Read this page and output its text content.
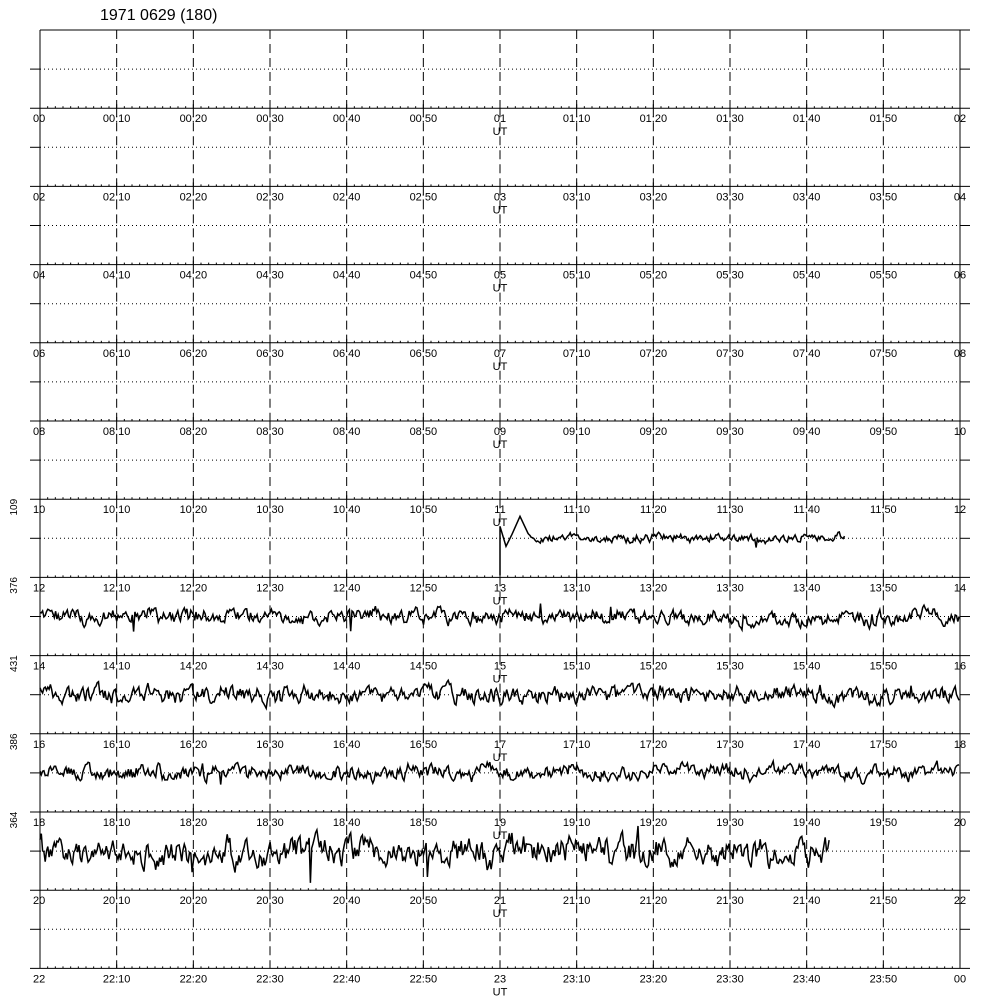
1971 0629 (180)
00	00:10	00:20	00:30	00:40	00:50	01	01:10	01:20	01:30	01:40	01:50	02
UT
02	02:10	02:20	02:30	02:40	02:50	03	03:10	03:20	03:30	03:40	03:50	04
UT
04	04:10	04:20	04:30	04:40	04:50	05	05:10	05:20	05:30	05:40	05:50	06
UT
06	06:10	06:20	06:30	06:40	06:50	07	07:10	07:20	07:30	07:40	07:50	08
UT
08	08:10	08:20	08:30	08:40	08:50	09	09:10	09:20	09:30	09:40	09:50	10
UT
10	10:10	10:20	10:30	10:40	10:50	11	11:10	11:20	11:30	11:40	11:50	12
UT
12	12:10	12:20	12:30	12:40	12:50	13	13:10	13:20	13:30	13:40	13:50	14
UT
109
14	14:10	14:20	14:30	14:40	14:50	15	15:10	15:20	15:30	15:40	15:50	16
UT
376
16	16:10	16:20	16:30	16:40	16:50	17	17:10	17:20	17:30	17:40	17:50	18
UT
431
18	18:10	18:20	18:30	18:40	18:50	19	19:10	19:20	19:30	19:40	19:50	20
UT
386
20	20:10	20:20	20:30	20:40	20:50	21	21:10	21:20	21:30	21:40	21:50	22
UT
364
22	22:10	22:20	22:30	22:40	22:50	23	23:10	23:20	23:30	23:40	23:50	00
UT
